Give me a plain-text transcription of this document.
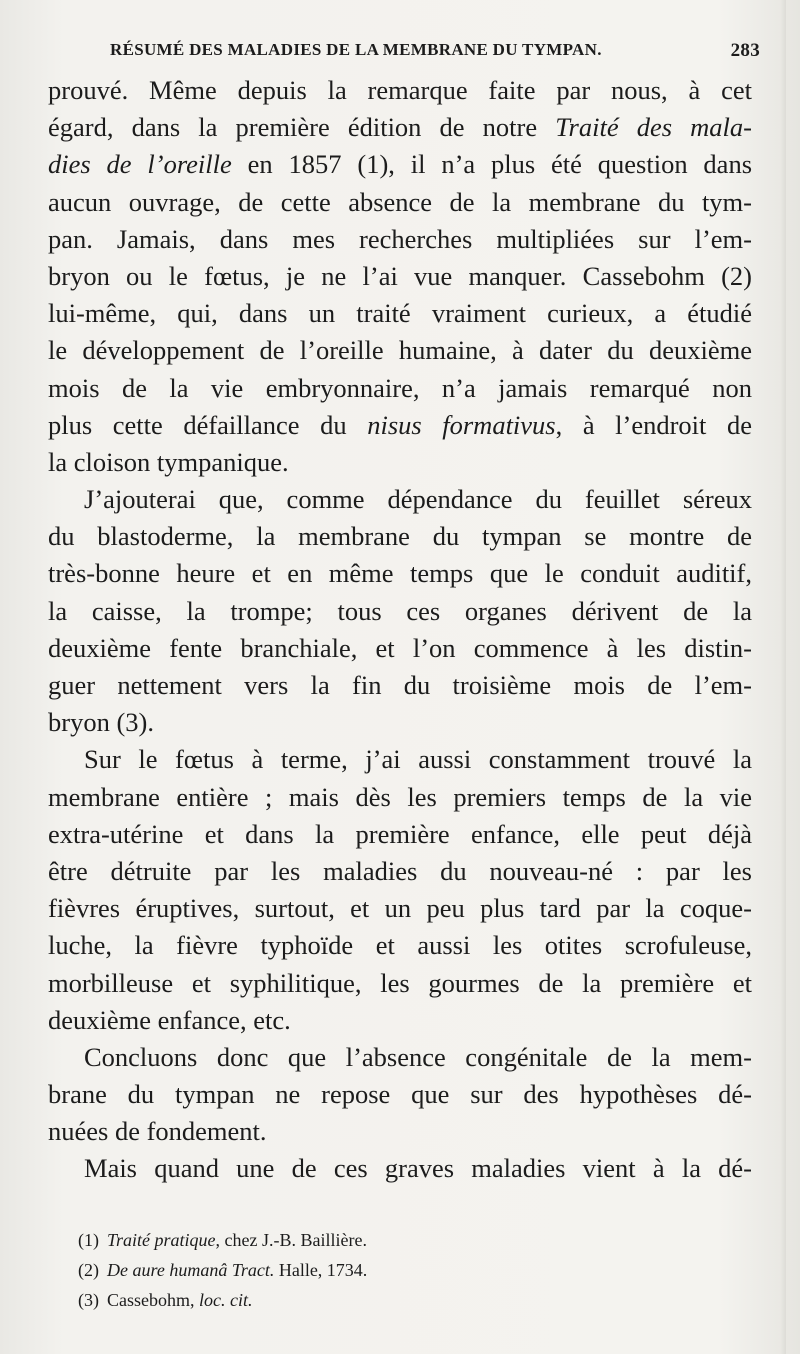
RÉSUMÉ DES MALADIES DE LA MEMBRANE DU TYMPAN.	283
prouvé. Même depuis la remarque faite par nous, à cet
égard, dans la première édition de notre Traité des mala-
dies de l’oreille en 1857 (1), il n’a plus été question dans
aucun ouvrage, de cette absence de la membrane du tym-
pan. Jamais, dans mes recherches multipliées sur l’em-
bryon ou le fœtus, je ne l’ai vue manquer. Cassebohm (2)
lui-même, qui, dans un traité vraiment curieux, a étudié
le développement de l’oreille humaine, à dater du deuxième
mois de la vie embryonnaire, n’a jamais remarqué non
plus cette défaillance du nisus formativus, à l’endroit de
la cloison tympanique.
J’ajouterai que, comme dépendance du feuillet séreux
du blastoderme, la membrane du tympan se montre de
très-bonne heure et en même temps que le conduit auditif,
la caisse, la trompe; tous ces organes dérivent de la
deuxième fente branchiale, et l’on commence à les distin-
guer nettement vers la fin du troisième mois de l’em-
bryon (3).
Sur le fœtus à terme, j’ai aussi constamment trouvé la
membrane entière ; mais dès les premiers temps de la vie
extra-utérine et dans la première enfance, elle peut déjà
être détruite par les maladies du nouveau-né : par les
fièvres éruptives, surtout, et un peu plus tard par la coque-
luche, la fièvre typhoïde et aussi les otites scrofuleuse,
morbilleuse et syphilitique, les gourmes de la première et
deuxième enfance, etc.
Concluons donc que l’absence congénitale de la mem-
brane du tympan ne repose que sur des hypothèses dé-
nuées de fondement.
Mais quand une de ces graves maladies vient à la dé-
(1) Traité pratique, chez J.-B. Baillière.
(2) De aure humanâ Tract. Halle, 1734.
(3) Cassebohm, loc. cit.
